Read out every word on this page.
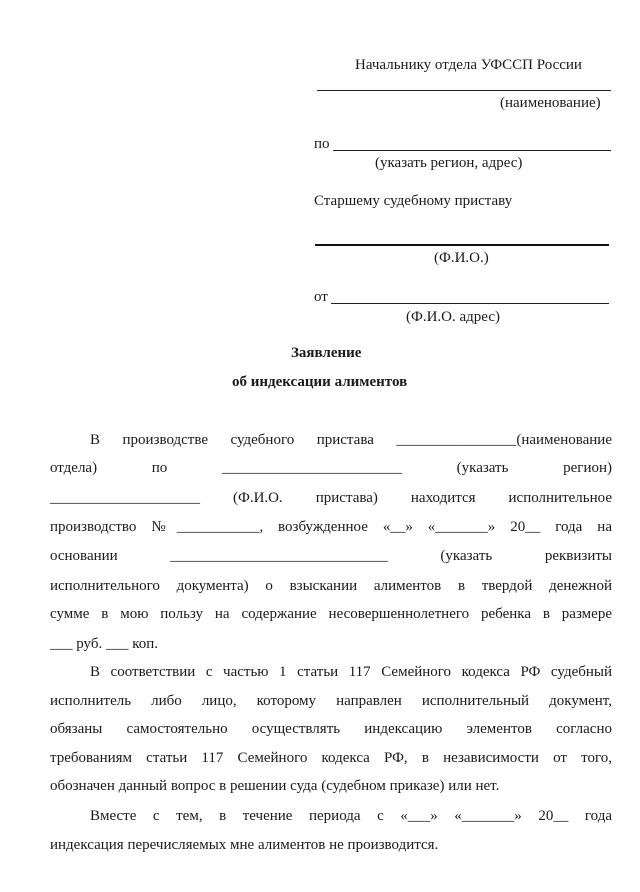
Начальнику отдела УФССП России
(наименование)
по
(указать регион, адрес)
Старшему судебному приставу
(Ф.И.О.)
от
(Ф.И.О. адрес)
Заявление
об индексации алиментов
В производстве судебного пристава ________________(наименование
отдела) по ________________________ (указать регион)
____________________ (Ф.И.О. пристава) находится исполнительное
производство №___________, возбужденное «__» «_______» 20__ года на
основании _____________________________ (указать реквизиты
исполнительного документа) о взыскании алиментов в твердой денежной
сумме в мою пользу на содержание несовершеннолетнего ребенка в размере
___ руб. ___ коп.
В соответствии с частью 1 статьи 117 Семейного кодекса РФ судебный
исполнитель либо лицо, которому направлен исполнительный документ,
обязаны самостоятельно осуществлять индексацию элементов согласно
требованиям статьи 117 Семейного кодекса РФ, в независимости от того,
обозначен данный вопрос в решении суда (судебном приказе) или нет.
Вместе с тем, в течение периода с «___» «_______» 20__ года
индексация перечисляемых мне алиментов не производится.
